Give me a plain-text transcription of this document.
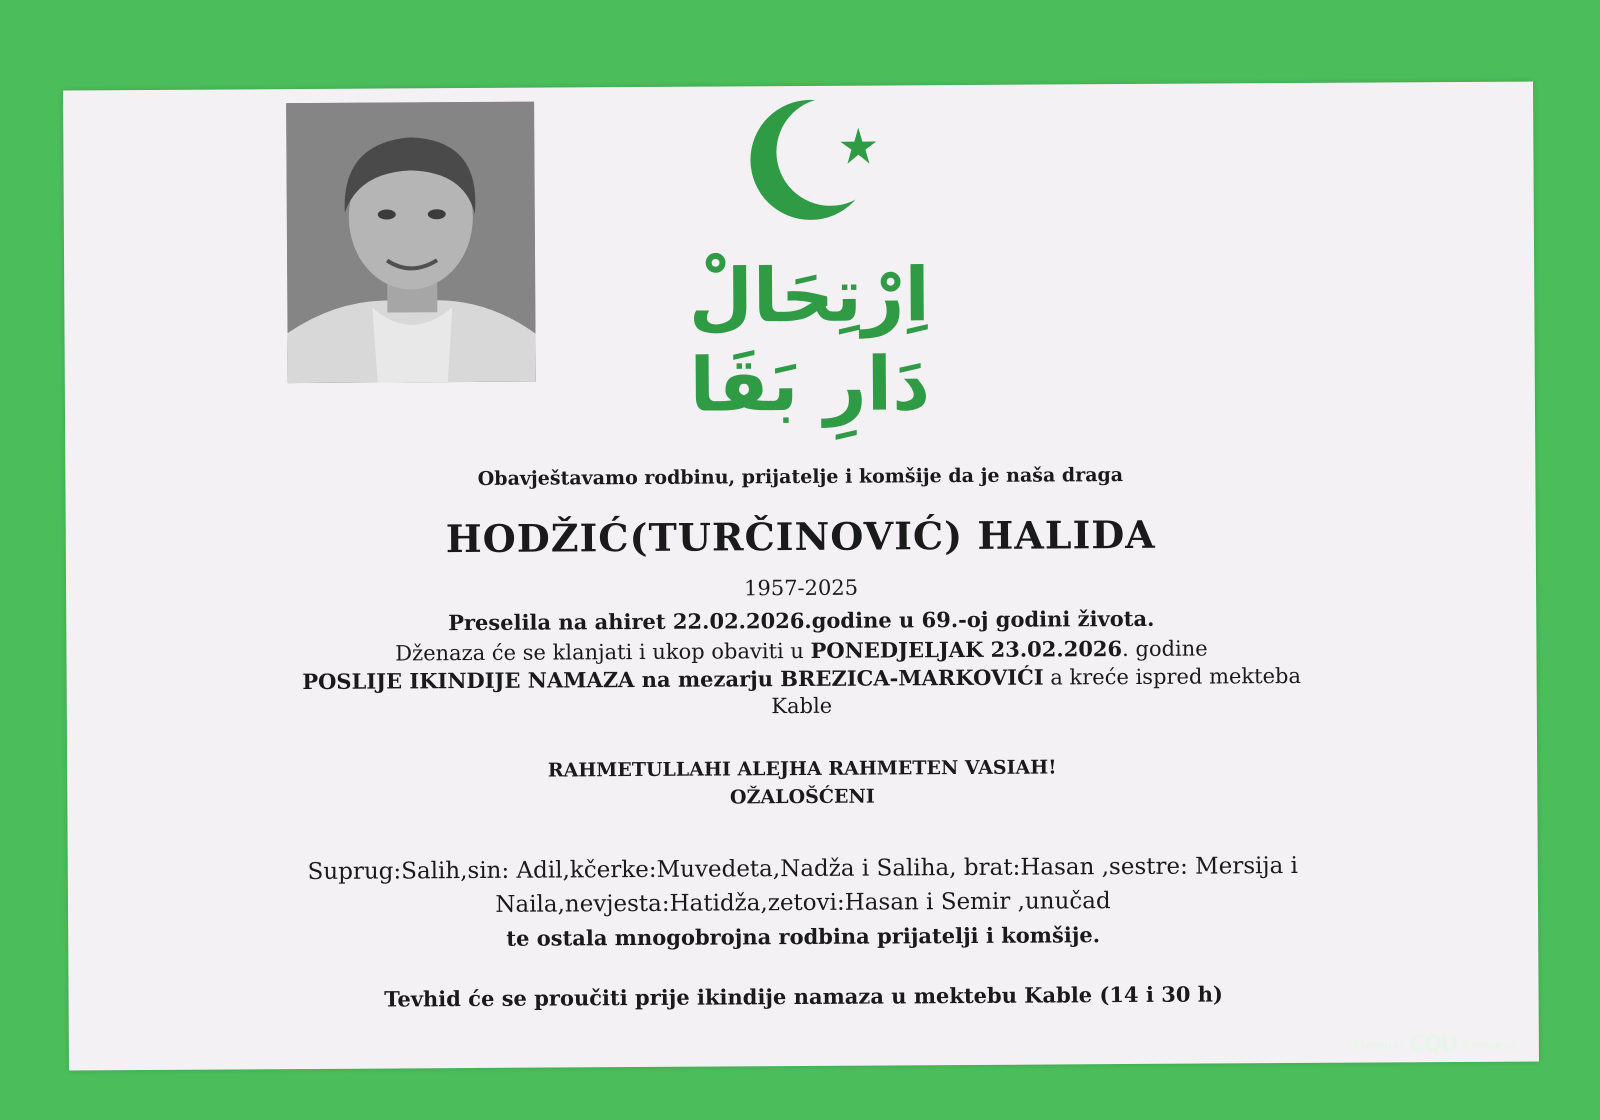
اِرْتِحَالْ دَارِ بَقَا
Obavještavamo rodbinu, prijatelje i komšije da je naša draga
HODŽIĆ(TURČINOVIĆ) HALIDA
1957-2025
Preselila na ahiret 22.02.2026.godine u 69.-oj godini života.
Dženaza će se klanjati i ukop obaviti u PONEDJELJAK 23.02.2026. godine
POSLIJE IKINDIJE NAMAZA na mezarju BREZICA-MARKOVIĆI a kreće ispred mekteba
Kable
RAHMETULLAHI ALEJHA RAHMETEN VASIAH!
OŽALOŠĆENI
Suprug:Salih,sin: Adil,kčerke:Muvedeta,Nadža i Saliha, brat:Hasan ,sestre: Mersija i
Naila,nevjesta:Hatidža,zetovi:Hasan i Semir ,unučad
te ostala mnogobrojna rodbina prijatelji i komšije.
Tevhid će se proučiti prije ikindije namaza u mektebu Kable (14 i 30 h)
Štampa: CQU Sarajevo
